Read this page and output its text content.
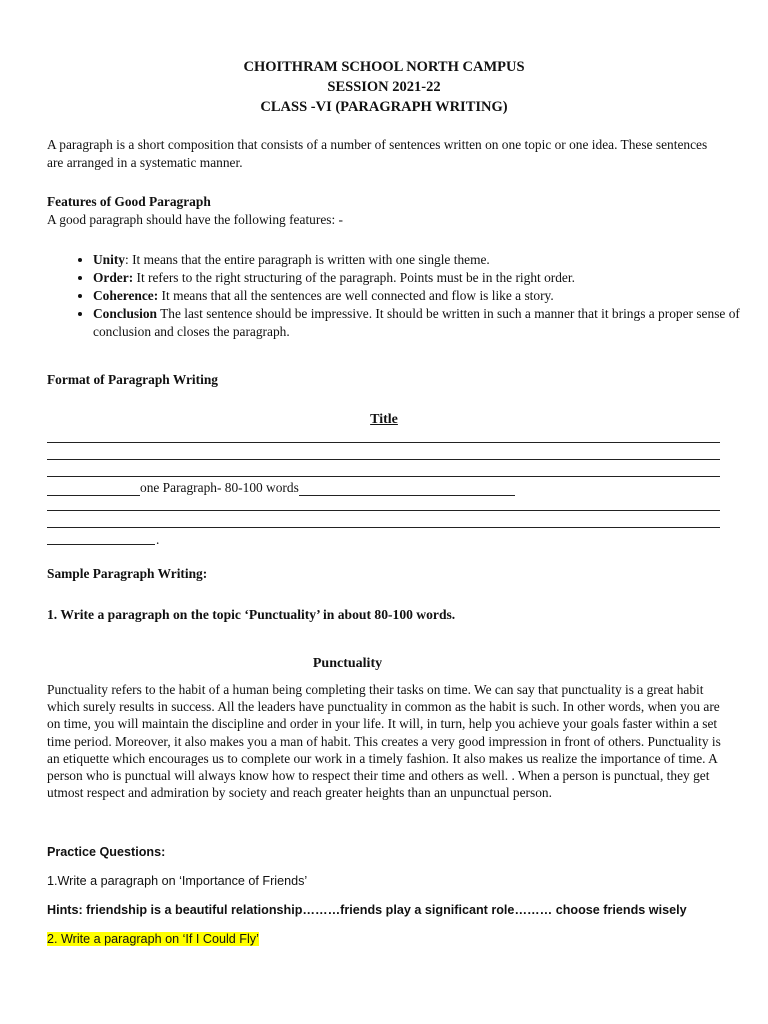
CHOITHRAM SCHOOL NORTH CAMPUS
SESSION 2021-22
CLASS -VI (PARAGRAPH WRITING)
A paragraph is a short composition that consists of a number of sentences written on one topic or one idea. These sentences are arranged in a systematic manner.
Features of Good Paragraph
A good paragraph should have the following features: -
• Unity: It means that the entire paragraph is written with one single theme.
• Order: It refers to the right structuring of the paragraph. Points must be in the right order.
• Coherence: It means that all the sentences are well connected and flow is like a story.
• Conclusion The last sentence should be impressive. It should be written in such a manner that it brings a proper sense of conclusion and closes the paragraph.
Format of Paragraph Writing
Title
one Paragraph- 80-100 words
.
Sample Paragraph Writing:
1. Write a paragraph on the topic ‘Punctuality’ in about 80-100 words.
Punctuality
Punctuality refers to the habit of a human being completing their tasks on time. We can say that punctuality is a great habit which surely results in success. All the leaders have punctuality in common as the habit is such. In other words, when you are on time, you will maintain the discipline and order in your life. It will, in turn, help you achieve your goals faster within a set time period. Moreover, it also makes you a man of habit. This creates a very good impression in front of others. Punctuality is an etiquette which encourages us to complete our work in a timely fashion. It also makes us realize the importance of time. A person who is punctual will always know how to respect their time and others as well. . When a person is punctual, they get utmost respect and admiration by society and reach greater heights than an unpunctual person.
Practice Questions:
1.Write a paragraph on ‘Importance of Friends’
Hints: friendship is a beautiful relationship………friends play a significant role……… choose friends wisely
2. Write a paragraph on ‘If I Could Fly’
